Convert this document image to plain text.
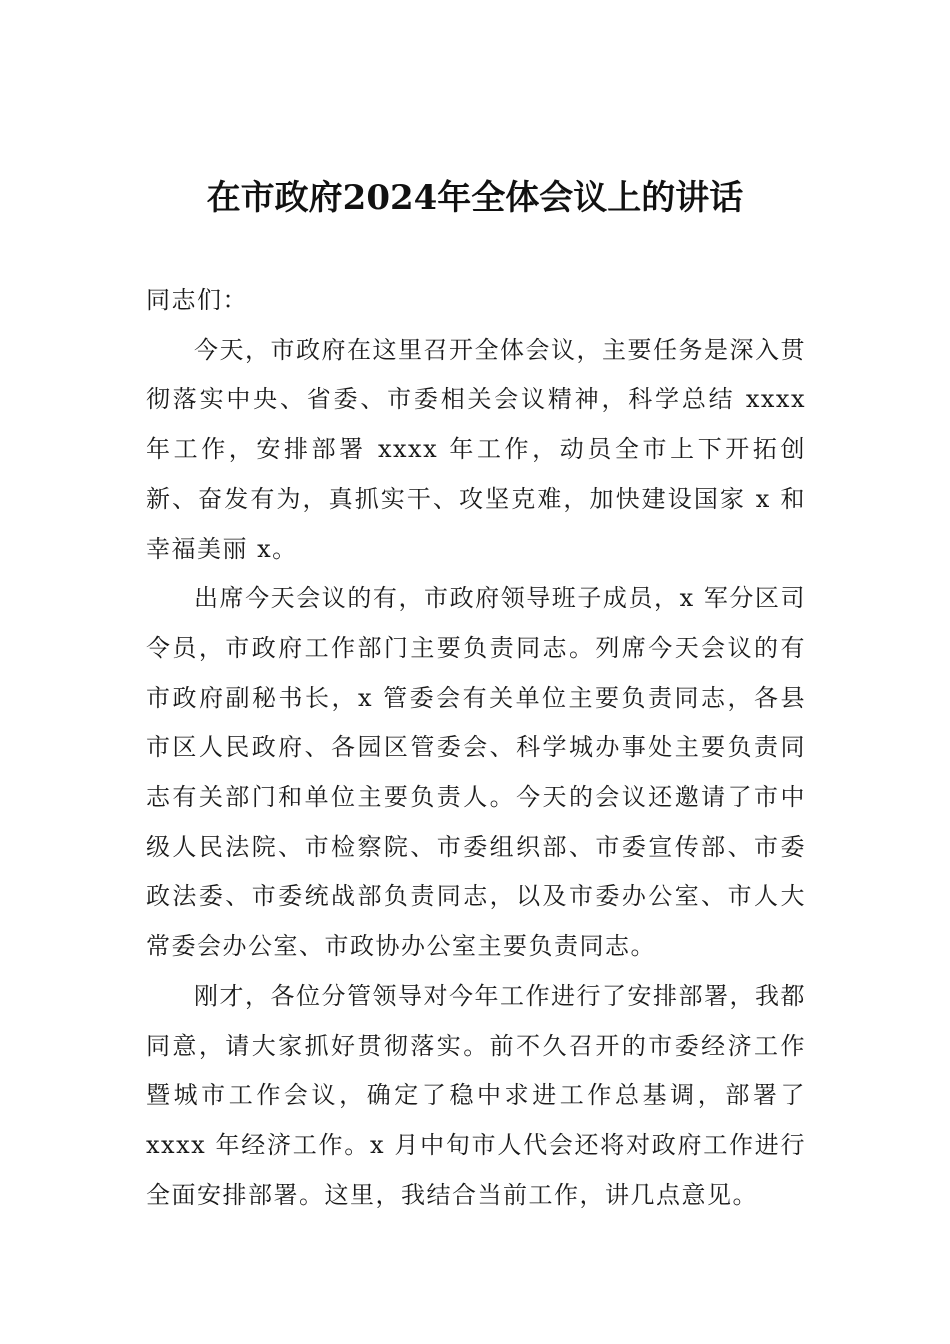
在市政府2024年全体会议上的讲话

同志们：

今天，市政府在这里召开全体会议，主要任务是深入贯彻落实中央、省委、市委相关会议精神，科学总结 xxxx 年工作，安排部署 xxxx 年工作，动员全市上下开拓创新、奋发有为，真抓实干、攻坚克难，加快建设国家 x 和幸福美丽 x。

出席今天会议的有，市政府领导班子成员，x 军分区司令员，市政府工作部门主要负责同志。列席今天会议的有市政府副秘书长，x 管委会有关单位主要负责同志，各县市区人民政府、各园区管委会、科学城办事处主要负责同志有关部门和单位主要负责人。今天的会议还邀请了市中级人民法院、市检察院、市委组织部、市委宣传部、市委政法委、市委统战部负责同志，以及市委办公室、市人大常委会办公室、市政协办公室主要负责同志。

刚才，各位分管领导对今年工作进行了安排部署，我都同意，请大家抓好贯彻落实。前不久召开的市委经济工作暨城市工作会议，确定了稳中求进工作总基调，部署了 xxxx 年经济工作。x 月中旬市人代会还将对政府工作进行全面安排部署。这里，我结合当前工作，讲几点意见。
